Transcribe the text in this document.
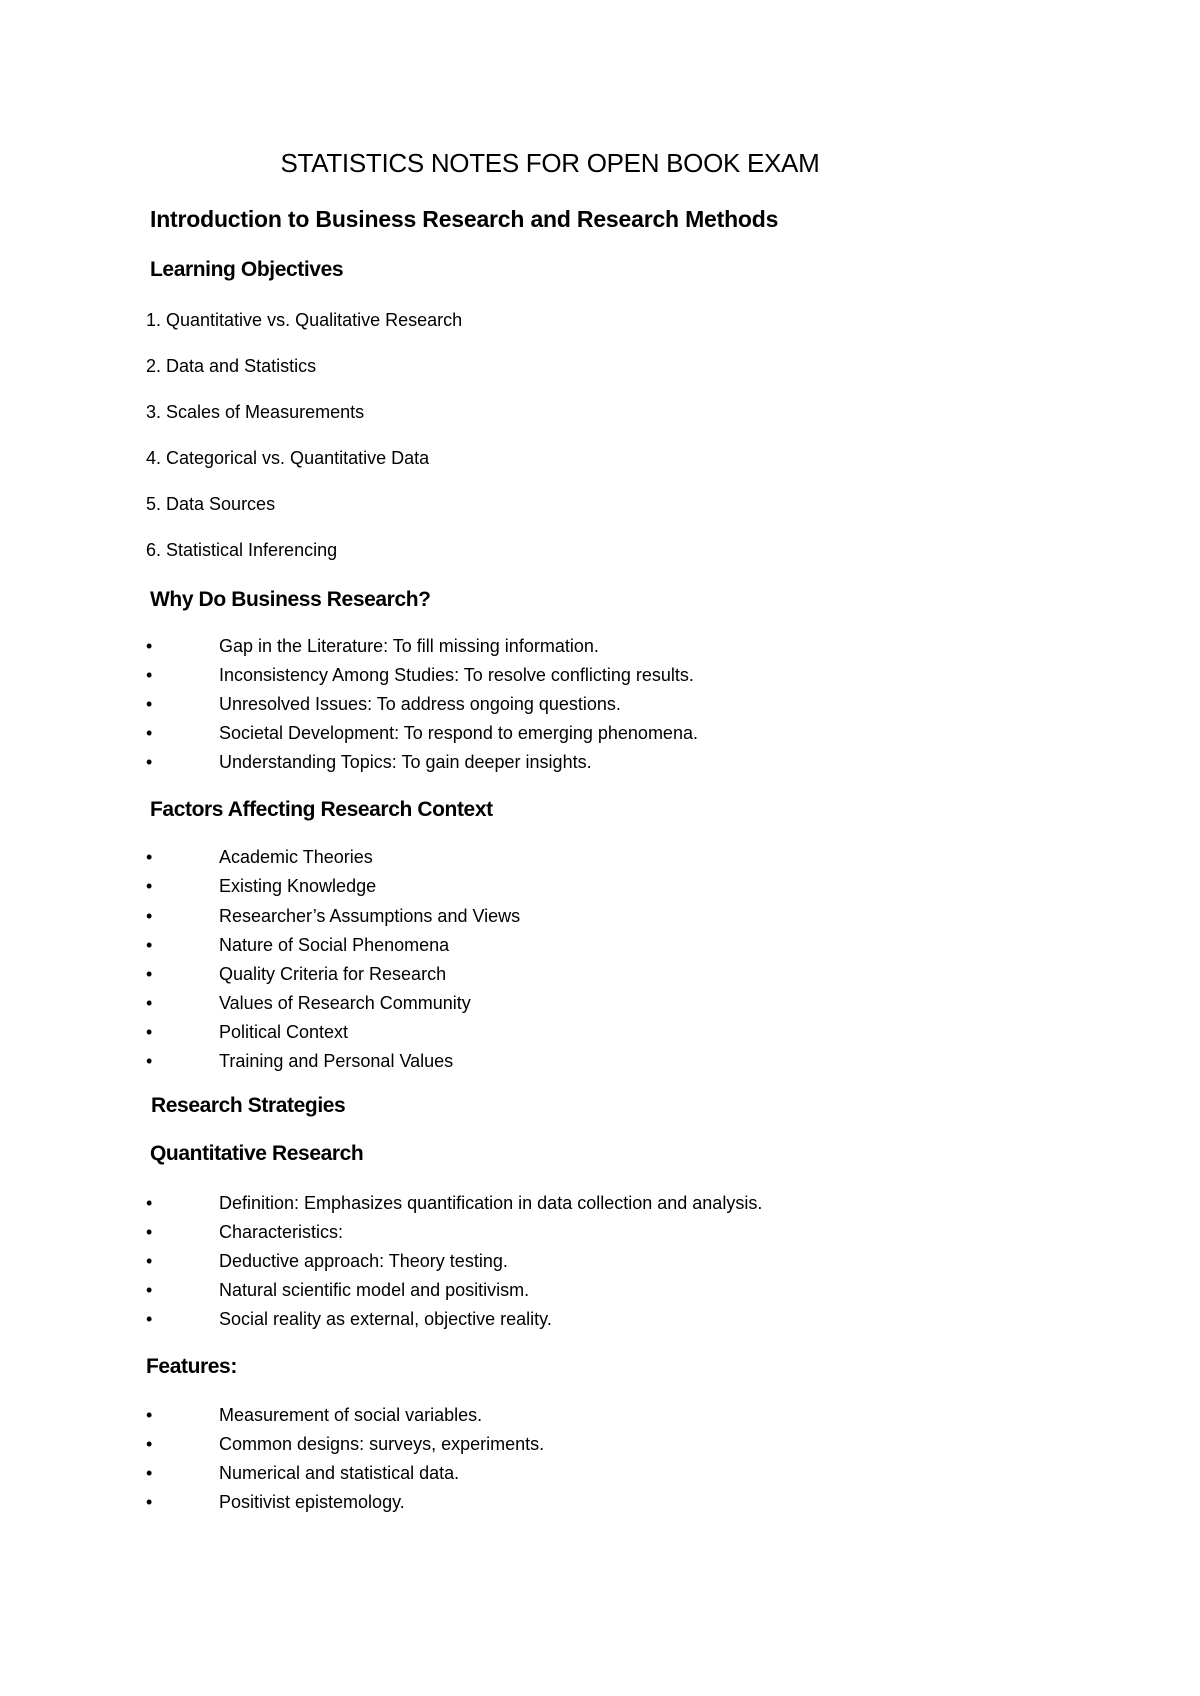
STATISTICS NOTES FOR OPEN BOOK EXAM
Introduction to Business Research and Research Methods
Learning Objectives

1. Quantitative vs. Qualitative Research

2. Data and Statistics

3. Scales of Measurements

4. Categorical vs. Quantitative Data

5. Data Sources

6. Statistical Inferencing

Why Do Business Research?
•	Gap in the Literature: To fill missing information.
•	Inconsistency Among Studies: To resolve conflicting results.
•	Unresolved Issues: To address ongoing questions.
•	Societal Development: To respond to emerging phenomena.
•	Understanding Topics: To gain deeper insights.
Factors Affecting Research Context
•	Academic Theories
•	Existing Knowledge
•	Researcher’s Assumptions and Views
•	Nature of Social Phenomena
•	Quality Criteria for Research
•	Values of Research Community
•	Political Context
•	Training and Personal Values
Research Strategies
Quantitative Research
•	Definition: Emphasizes quantification in data collection and analysis.
•	Characteristics:
•	Deductive approach: Theory testing.
•	Natural scientific model and positivism.
•	Social reality as external, objective reality.
Features:
•	Measurement of social variables.
•	Common designs: surveys, experiments.
•	Numerical and statistical data.
•	Positivist epistemology.
